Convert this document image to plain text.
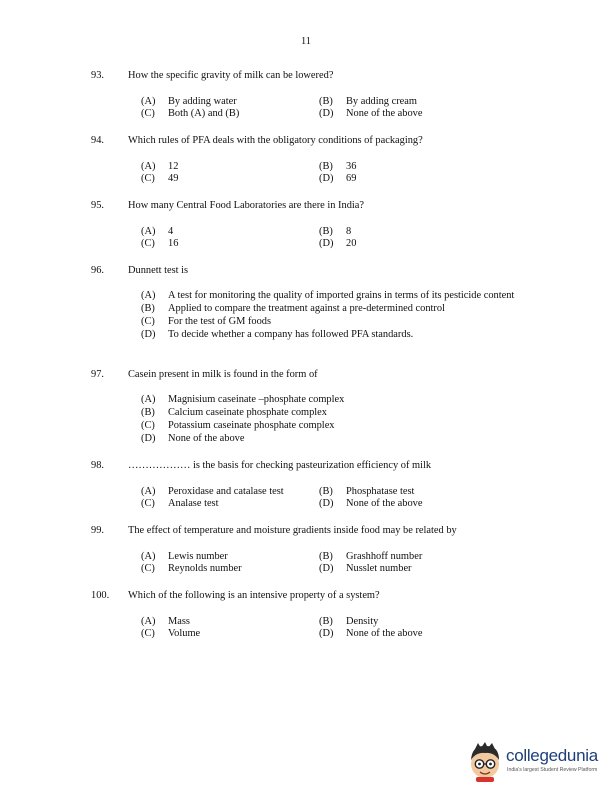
11
93. How the specific gravity of milk can be lowered?
(A) By adding water	(B) By adding cream
(C) Both (A) and (B)	(D) None of the above
94. Which rules of PFA deals with the obligatory conditions of packaging?
(A) 12	(B) 36
(C) 49	(D) 69
95. How many Central Food Laboratories are there in India?
(A) 4	(B) 8
(C) 16	(D) 20
96. Dunnett test is
(A) A test for monitoring the quality of imported grains in terms of its pesticide content
(B) Applied to compare the treatment against a pre-determined control
(C) For the test of GM foods
(D) To decide whether a company has followed PFA standards.
97. Casein present in milk is found in the form of
(A) Magnisium caseinate –phosphate complex
(B) Calcium caseinate phosphate complex
(C) Potassium caseinate phosphate complex
(D) None of the above
98. ……………… is the basis for checking pasteurization efficiency of milk
(A) Peroxidase and catalase test	(B) Phosphatase test
(C) Analase test	(D) None of the above
99. The effect of temperature and moisture gradients inside food may be related by
(A) Lewis number	(B) Grashhoff number
(C) Reynolds number	(D) Nusslet number
100. Which of the following is an intensive property of a system?
(A) Mass	(B) Density
(C) Volume	(D) None of the above
collegedunia
India's largest Student Review Platform
